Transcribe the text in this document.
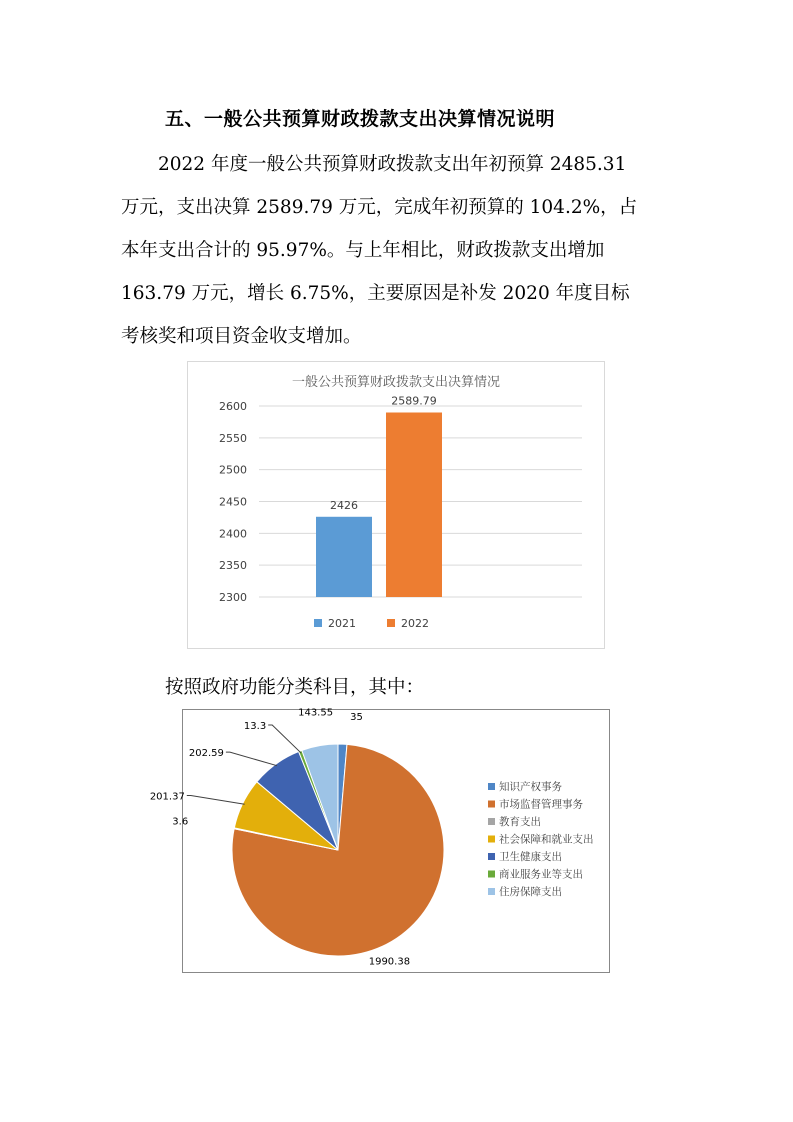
五、一般公共预算财政拨款支出决算情况说明
2022 年度一般公共预算财政拨款支出年初预算 2485.31
万元，支出决算 2589.79 万元，完成年初预算的 104.2%，占
本年支出合计的 95.97%。与上年相比，财政拨款支出增加
163.79 万元，增长 6.75%，主要原因是补发 2020 年度目标
考核奖和项目资金收支增加。
一般公共预算财政拨款支出决算情况
2300
2350
2400
2450
2500
2550
2600
2426
2589.79
2021	2022
按照政府功能分类科目，其中：
35
1990.38
3.6
201.37
202.59
13.3
143.55
知识产权事务
市场监督管理事务
教育支出
社会保障和就业支出
卫生健康支出
商业服务业等支出
住房保障支出
